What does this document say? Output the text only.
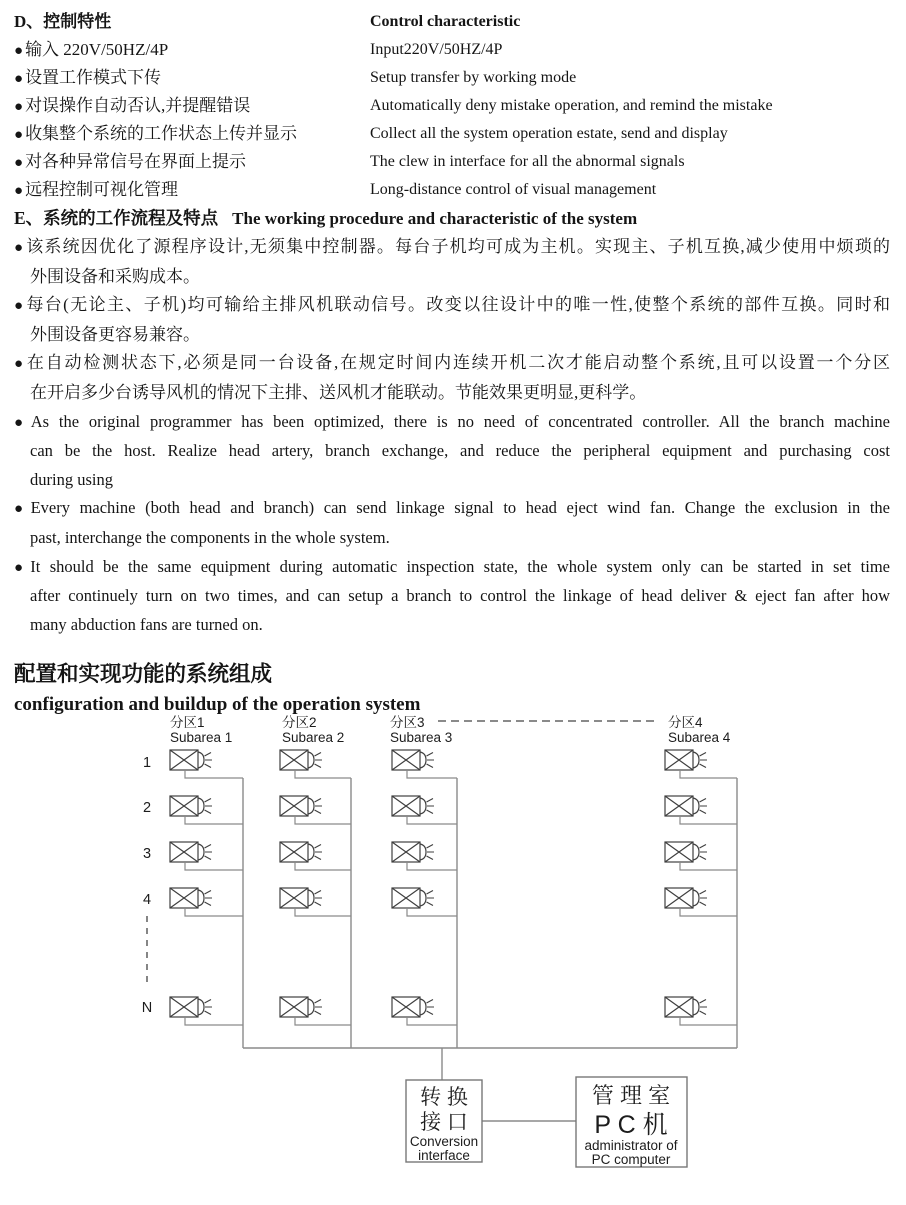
D、控制特性	Control characteristic
● 输入 220V/50HZ/4P	Input220V/50HZ/4P
● 设置工作模式下传	Setup transfer by working mode
● 对误操作自动否认,并提醒错误	Automatically deny mistake operation, and remind the mistake
● 收集整个系统的工作状态上传并显示	Collect all the system operation estate, send and display
● 对各种异常信号在界面上提示	The clew in interface for all the abnormal signals
● 远程控制可视化管理	Long-distance control of visual management
E、系统的工作流程及特点 The working procedure and characteristic of the system
● 该系统因优化了源程序设计,无须集中控制器。每台子机均可成为主机。实现主、子机互换,减少使用中烦琐的
外围设备和采购成本。
● 每台(无论主、子机)均可输给主排风机联动信号。改变以往设计中的唯一性,使整个系统的部件互换。同时和
外围设备更容易兼容。
● 在自动检测状态下,必须是同一台设备,在规定时间内连续开机二次才能启动整个系统,且可以设置一个分区
在开启多少台诱导风机的情况下主排、送风机才能联动。节能效果更明显,更科学。
● As the original programmer has been optimized, there is no need of concentrated controller. All the branch machine
can be the host. Realize head artery, branch exchange, and reduce the peripheral equipment and purchasing cost
during using
● Every machine (both head and branch) can send linkage signal to head eject wind fan. Change the exclusion in the
past, interchange the components in the whole system.
● It should be the same equipment during automatic inspection state, the whole system only can be started in set time
after continuely turn on two times, and can setup a branch to control the linkage of head deliver & eject fan after how
many abduction fans are turned on.
配置和实现功能的系统组成
configuration and buildup of the operation system
分区1
Subarea 1
分区2
Subarea 2
分区3
Subarea 3
分区4
Subarea 4
1
2
3
4
N
转 换
接 口
Conversion
interface
管 理 室
P C 机
administrator of
PC computer
